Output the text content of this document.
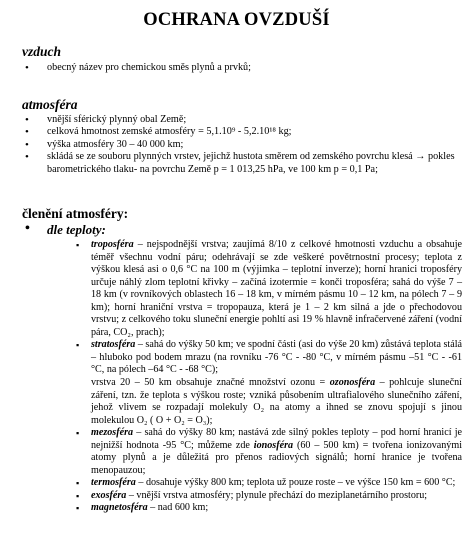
OCHRANA OVZDUŠÍ

vzduch

• obecný název pro chemickou směs plynů a prvků;

atmosféra

• vnější sférický plynný obal Země;
• celková hmotnost zemské atmosféry = 5,1.10⁹ - 5,2.10¹⁸ kg;
• výška atmosféry 30 – 40 000 km;
• skládá se ze souboru plynných vrstev, jejichž hustota směrem od zemského povrchu klesá → pokles barometrického tlaku- na povrchu Země p = 1 013,25 hPa, ve 100 km p = 0,1 Pa;

členění atmosféry:

• dle teploty:
▪ troposféra – nejspodnější vrstva; zaujímá 8/10 z celkové hmotnosti vzduchu a obsahuje téměř všechnu vodní páru; odehrávají se zde veškeré povětrnostní procesy; teplota z výškou klesá asi o 0,6 °C na 100 m (výjimka – teplotní inverze); horní hranici troposféry určuje náhlý zlom teplotní křivky – začíná izotermie = konči troposféra; sahá do výše 7 – 18 km (v rovníkových oblastech 16 – 18 km, v mírném pásmu 10 – 12 km, na pólech 7 – 9 km); horní hraniční vrstva = tropopauza, která je 1 – 2 km silná a jde o přechodovou vrstvu; z celkového toku sluneční energie pohltí asi 19 % hlavně infračervené záření (vodní pára, CO₂, prach);
▪ stratosféra – sahá do výšky 50 km; ve spodní části (asi do výše 20 km) zůstává teplota stálá – hluboko pod bodem mrazu (na rovníku -76 °C - -80 °C, v mírném pásmu –51 °C - -61 °C, na pólech –64 °C - -68 °C);
vrstva 20 – 50 km obsahuje značné množství ozonu = ozonosféra – pohlcuje sluneční záření, tzn. že teplota s výškou roste; vzniká působením ultrafialového slunečního záření, jehož vlivem se rozpadají molekuly O₂ na atomy a ihned se znovu spojují s jinou molekulou O₂ ( O + O₂ = O₃);
▪ mezosféra – sahá do výšky 80 km; nastává zde silný pokles teploty – pod horní hranicí je nejnižší hodnota -95 °C; můžeme zde ionosféra (60 – 500 km) = tvořena ionizovanými atomy plynů a je důležitá pro přenos radiových signálů; horní hranice je tvořena menopauzou;
▪ termosféra – dosahuje výšky 800 km; teplota už pouze roste – ve výšce 150 km = 600 °C;
▪ exosféra – vnější vrstva atmosféry; plynule přechází do meziplanetárního prostoru;
▪ magnetosféra – nad 600 km;
